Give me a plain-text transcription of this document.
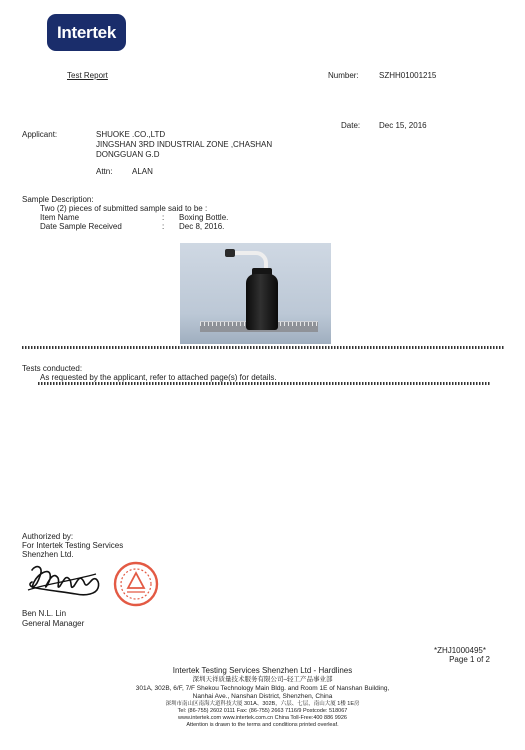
Intertek
Test Report	Number:	SZHH01001215
Date: Dec 15, 2016
Applicant:	SHUOKE .CO.,LTD
JINGSHAN 3RD INDUSTRIAL ZONE ,CHASHAN
DONGGUAN G.D
Attn: ALAN
Sample Description:
Two (2) pieces of submitted sample said to be :
Item Name	: Boxing Bottle.
Date Sample Received	: Dec 8, 2016.
Tests conducted:
As requested by the applicant, refer to attached page(s) for details.
Authorized by:
For Intertek Testing Services
Shenzhen Ltd.
Ben N.L. Lin
General Manager
*ZHJ1000495*
Page 1 of 2
Intertek Testing Services Shenzhen Ltd - Hardlines
深圳天祥质量技术服务有限公司–轻工产品事业部
301A, 302B, 6/F, 7/F Shekou Technology Main Bldg. and Room 1E of Nanshan Building,
Nanhai Ave., Nanshan District, Shenzhen, China
深圳市南山区南海大道科技大厦 301A、302B，六层、七层，南山大厦 1楼 1E房
Tel: (86-755) 2602 0111 Fax: (86-755) 2663 7116/9 Postcode: 518067
www.intertek.com www.intertek.com.cn China Toll-Free:400 886 9926
Attention is drawn to the terms and conditions printed overleaf.
